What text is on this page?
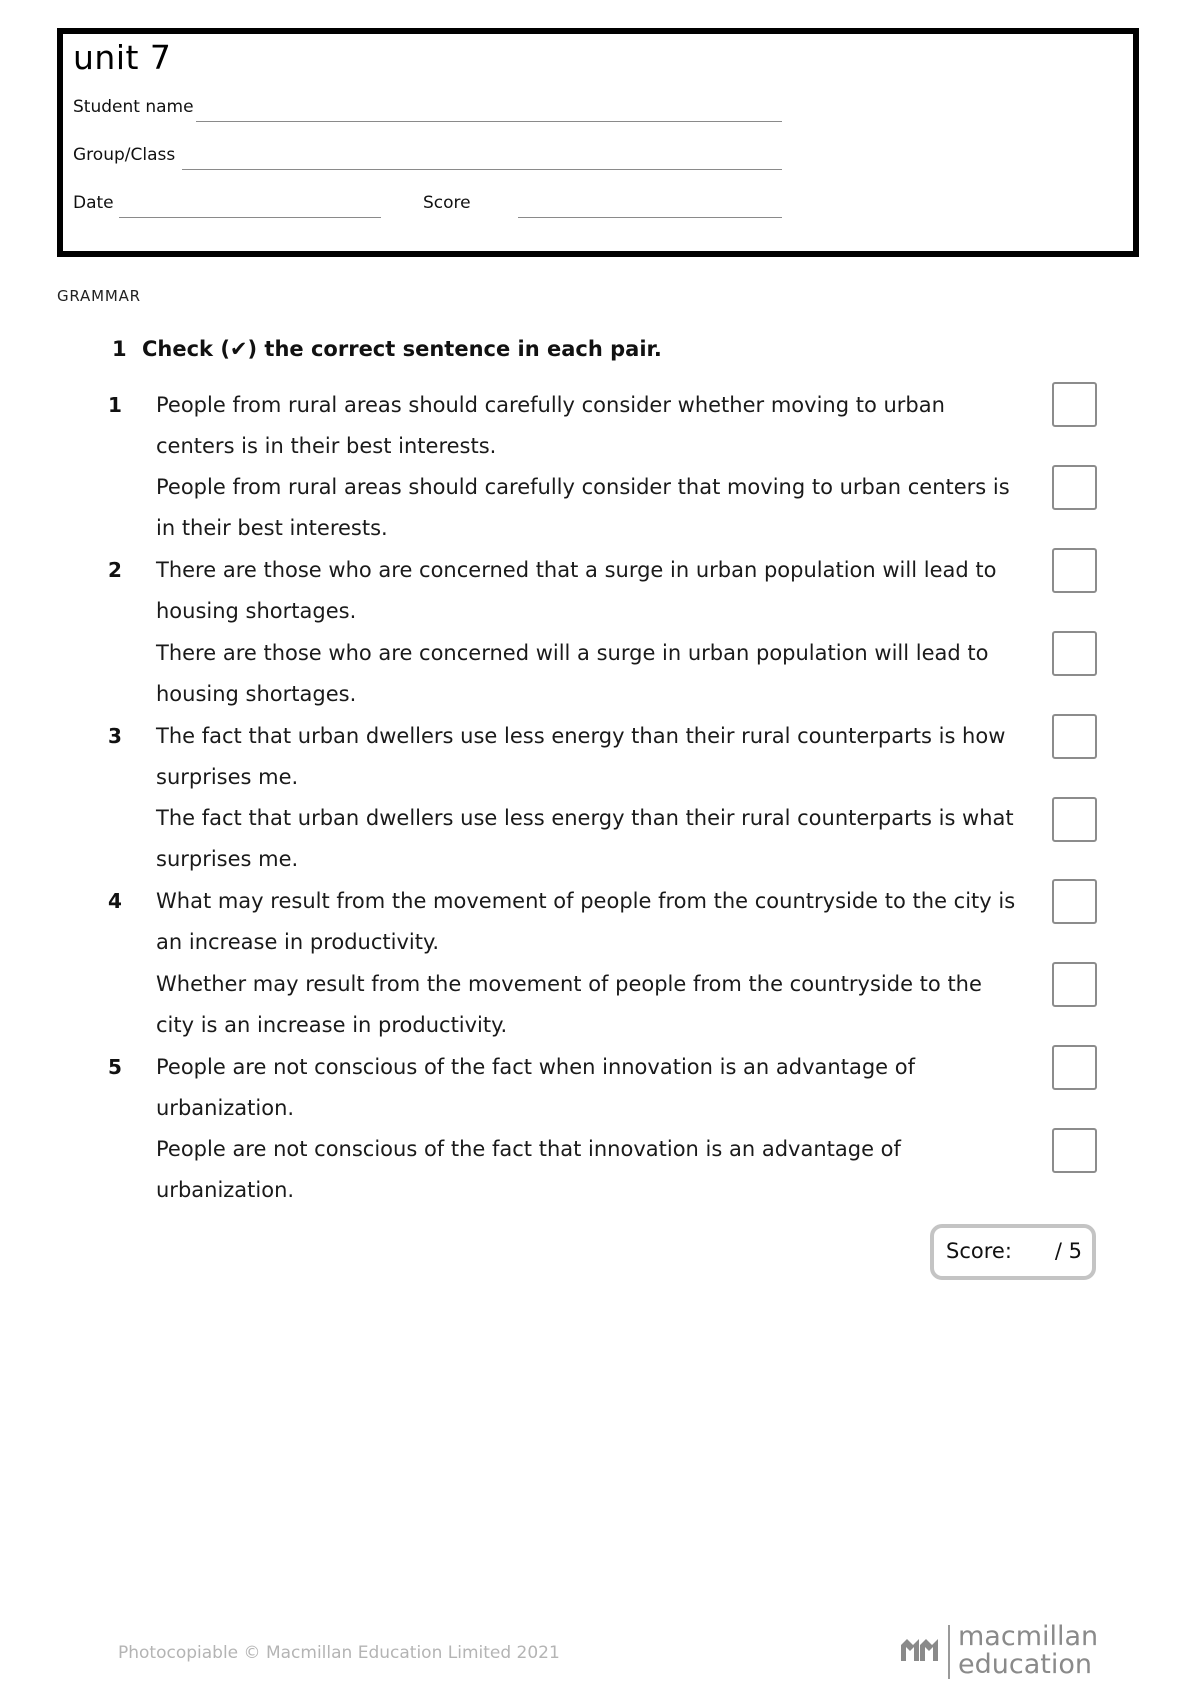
unit 7
Student name
Group/Class
Date	Score
GRAMMAR
1 Check (✔) the correct sentence in each pair.
1 People from rural areas should carefully consider whether moving to urban centers is in their best interests.
People from rural areas should carefully consider that moving to urban centers is in their best interests.
2 There are those who are concerned that a surge in urban population will lead to housing shortages.
There are those who are concerned will a surge in urban population will lead to housing shortages.
3 The fact that urban dwellers use less energy than their rural counterparts is how surprises me.
The fact that urban dwellers use less energy than their rural counterparts is what surprises me.
4 What may result from the movement of people from the countryside to the city is an increase in productivity.
Whether may result from the movement of people from the countryside to the city is an increase in productivity.
5 People are not conscious of the fact when innovation is an advantage of urbanization.
People are not conscious of the fact that innovation is an advantage of urbanization.
Score: / 5
Photocopiable © Macmillan Education Limited 2021
macmillan
education
